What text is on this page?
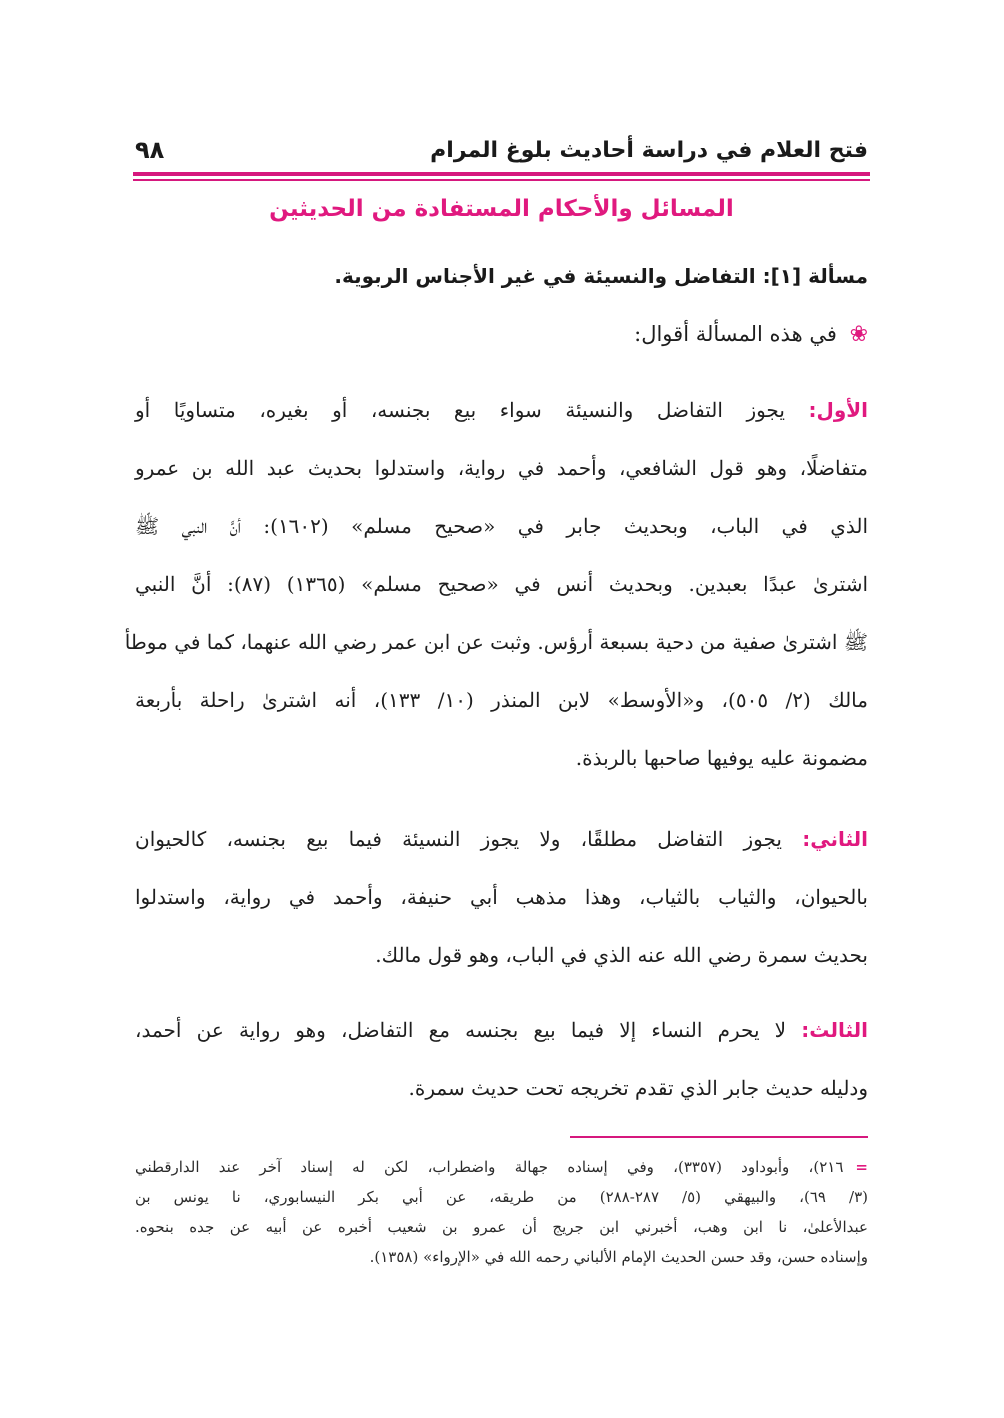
فتح العلام في دراسة أحاديث بلوغ المرام
٩٨
المسائل والأحكام المستفادة من الحديثين
مسألة [١]: التفاضل والنسيئة في غير الأجناس الربوية.
❀ في هذه المسألة أقوال:
الأول: يجوز التفاضل والنسيئة سواء بيع بجنسه، أو بغيره، متساويًا أو
متفاضلًا، وهو قول الشافعي، وأحمد في رواية، واستدلوا بحديث عبد الله بن عمرو
الذي في الباب، وبحديث جابر في «صحيح مسلم» (١٦٠٢): أنَّ النبي ﷺ
اشترىٰ عبدًا بعبدين. وبحديث أنس في «صحيح مسلم» (١٣٦٥) (٨٧): أنَّ النبي
ﷺ اشترىٰ صفية من دحية بسبعة أرؤس. وثبت عن ابن عمر رضي الله عنهما، كما في موطأ
مالك (٢/ ٥٠٥)، و«الأوسط» لابن المنذر (١٠/ ١٣٣)، أنه اشترىٰ راحلة بأربعة
مضمونة عليه يوفيها صاحبها بالربذة.
الثاني: يجوز التفاضل مطلقًا، ولا يجوز النسيئة فيما بيع بجنسه، كالحيوان
بالحيوان، والثياب بالثياب، وهذا مذهب أبي حنيفة، وأحمد في رواية، واستدلوا
بحديث سمرة رضي الله عنه الذي في الباب، وهو قول مالك.
الثالث: لا يحرم النساء إلا فيما بيع بجنسه مع التفاضل، وهو رواية عن أحمد،
ودليله حديث جابر الذي تقدم تخريجه تحت حديث سمرة.
=٢١٦)، وأبوداود (٣٣٥٧)، وفي إسناده جهالة واضطراب، لكن له إسناد آخر عند الدارقطني
(٣/ ٦٩)، والبيهقي (٥/ ٢٨٧-٢٨٨) من طريقه، عن أبي بكر النيسابوري، نا يونس بن
عبدالأعلىٰ، نا ابن وهب، أخبرني ابن جريج أن عمرو بن شعيب أخبره عن أبيه عن جده بنحوه.
وإسناده حسن، وقد حسن الحديث الإمام الألباني رحمه الله في «الإرواء» (١٣٥٨).
